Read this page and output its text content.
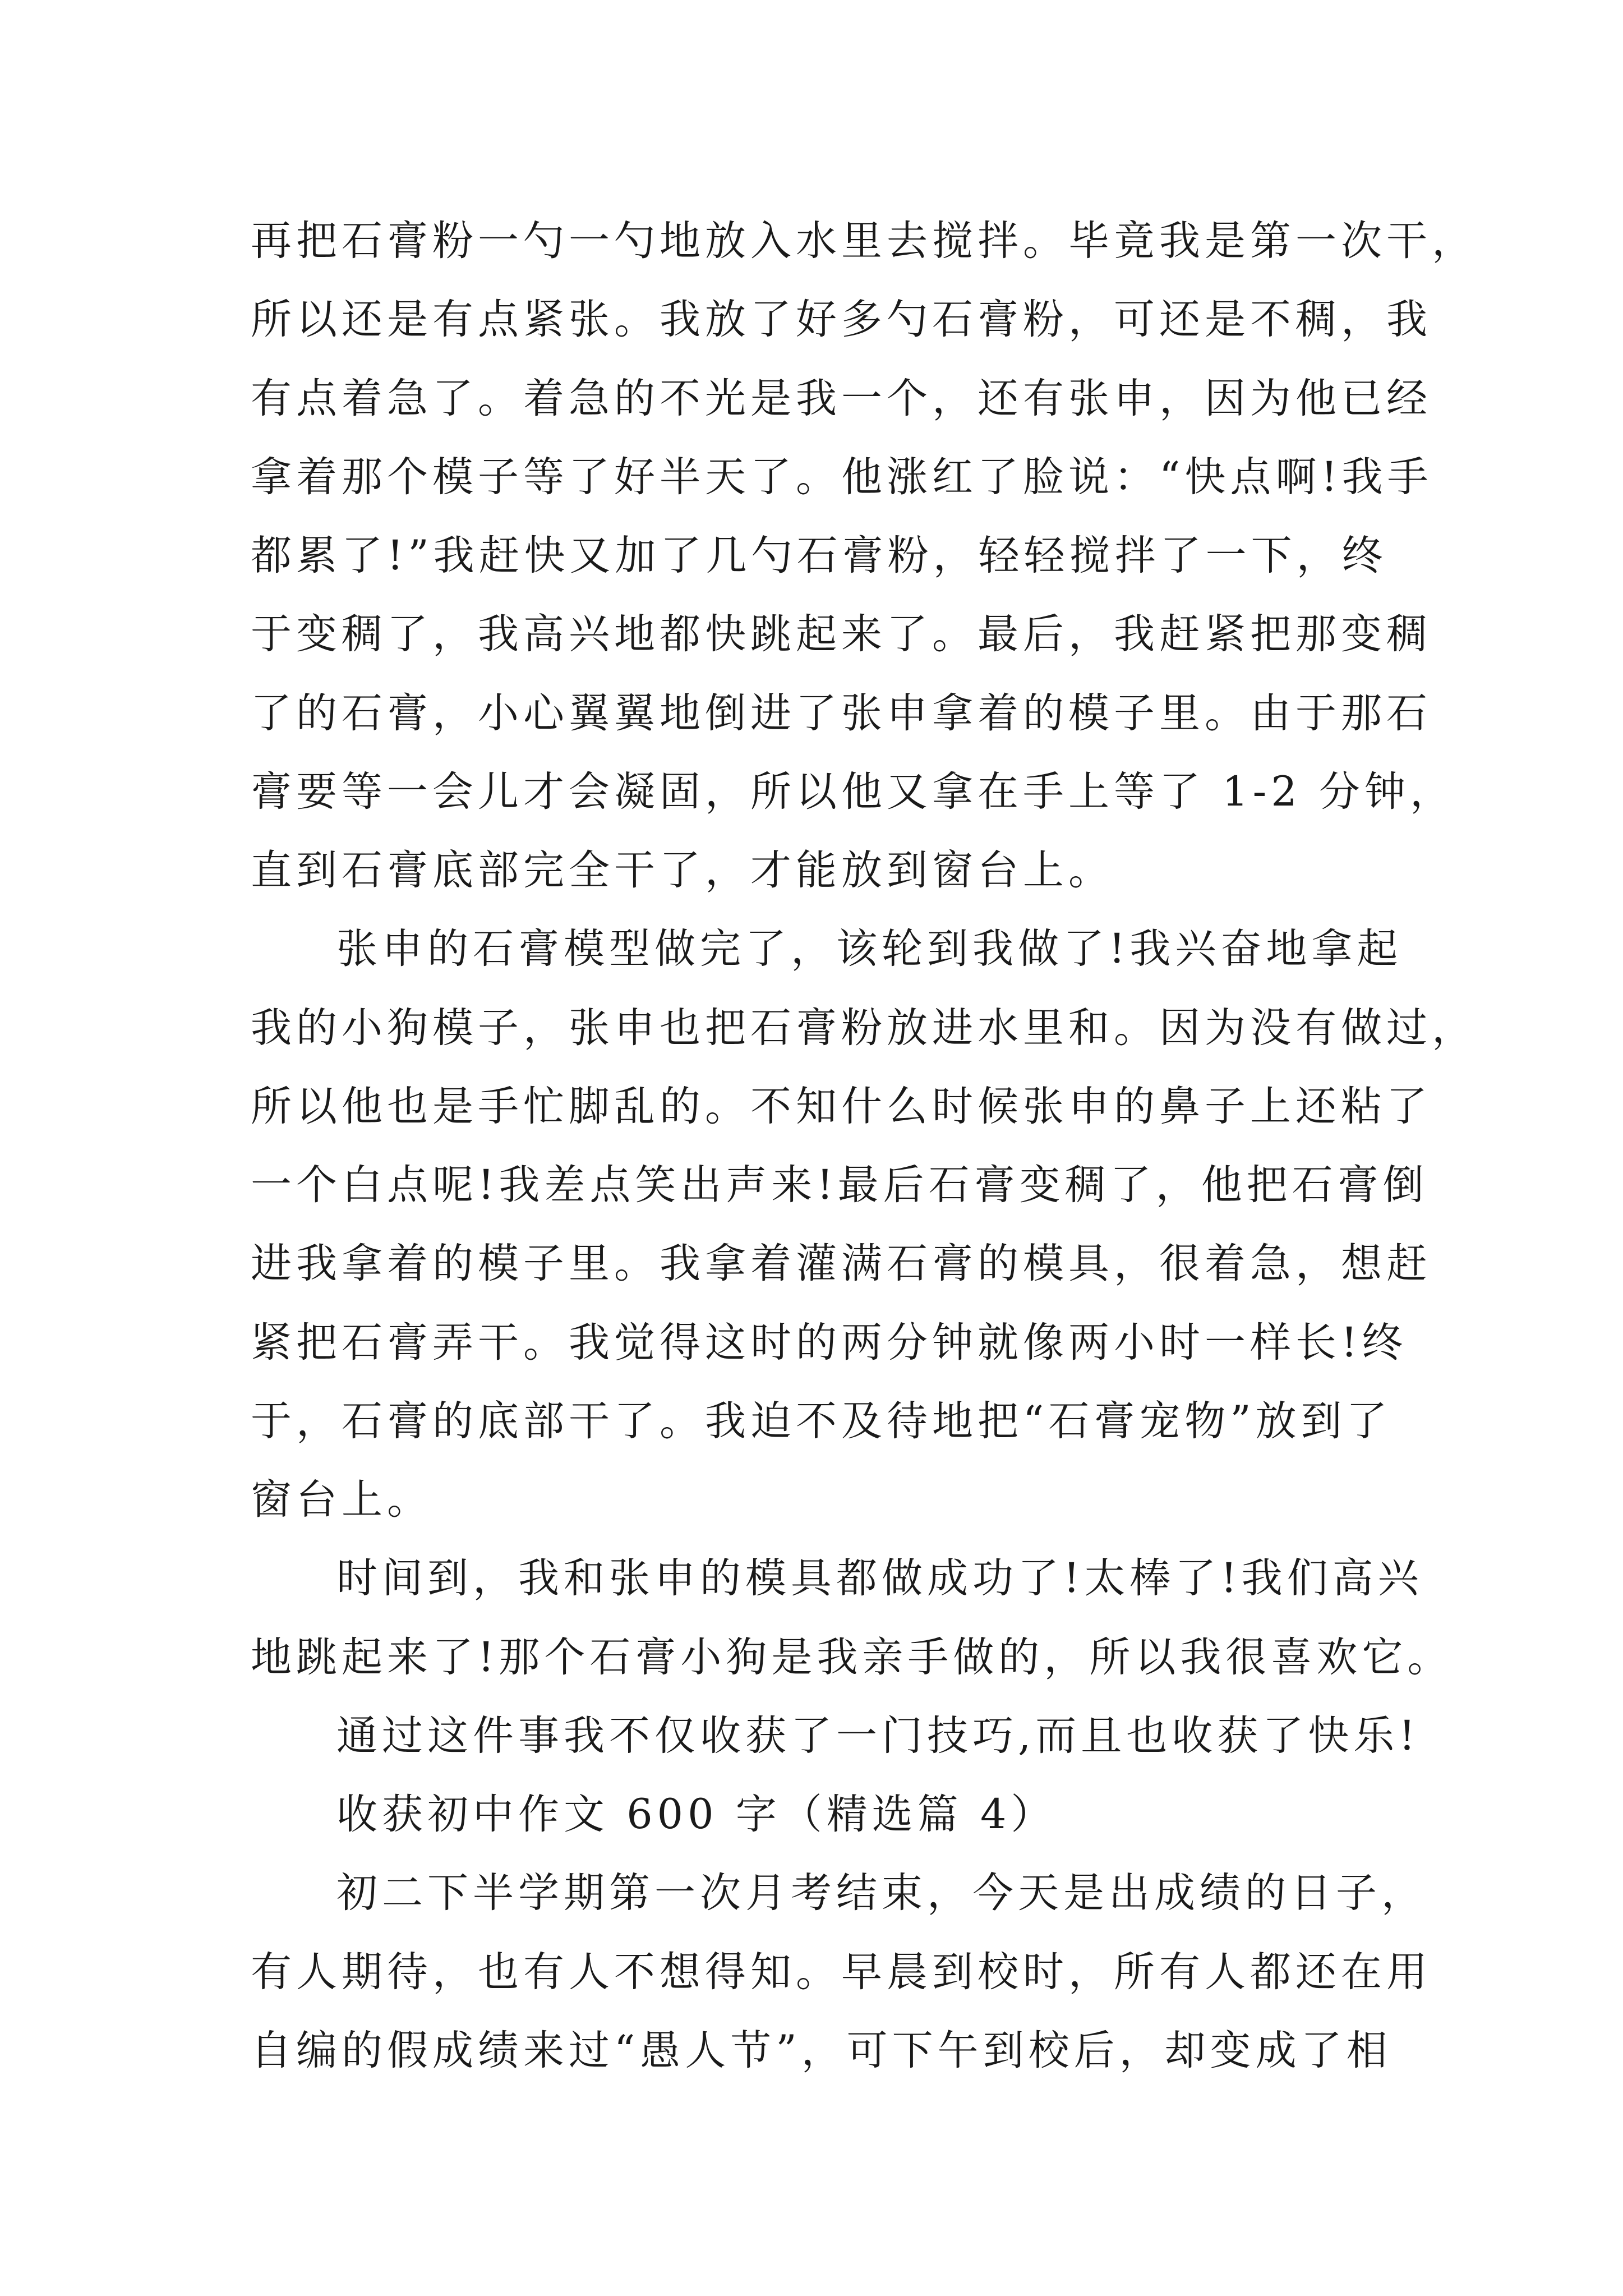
再把石膏粉一勺一勺地放入水里去搅拌。毕竟我是第一次干，
所以还是有点紧张。我放了好多勺石膏粉，可还是不稠，我
有点着急了。着急的不光是我一个，还有张申，因为他已经
拿着那个模子等了好半天了。他涨红了脸说：“快点啊!我手
都累了!”我赶快又加了几勺石膏粉，轻轻搅拌了一下，终
于变稠了，我高兴地都快跳起来了。最后，我赶紧把那变稠
了的石膏，小心翼翼地倒进了张申拿着的模子里。由于那石
膏要等一会儿才会凝固，所以他又拿在手上等了 1-2 分钟，
直到石膏底部完全干了，才能放到窗台上。
张申的石膏模型做完了，该轮到我做了!我兴奋地拿起
我的小狗模子，张申也把石膏粉放进水里和。因为没有做过，
所以他也是手忙脚乱的。不知什么时候张申的鼻子上还粘了
一个白点呢!我差点笑出声来!最后石膏变稠了，他把石膏倒
进我拿着的模子里。我拿着灌满石膏的模具，很着急，想赶
紧把石膏弄干。我觉得这时的两分钟就像两小时一样长!终
于，石膏的底部干了。我迫不及待地把“石膏宠物”放到了
窗台上。
时间到，我和张申的模具都做成功了!太棒了!我们高兴
地跳起来了!那个石膏小狗是我亲手做的，所以我很喜欢它。
通过这件事我不仅收获了一门技巧,而且也收获了快乐!
收获初中作文 600 字（精选篇 4）
初二下半学期第一次月考结束，今天是出成绩的日子，
有人期待，也有人不想得知。早晨到校时，所有人都还在用
自编的假成绩来过“愚人节”，可下午到校后，却变成了相
